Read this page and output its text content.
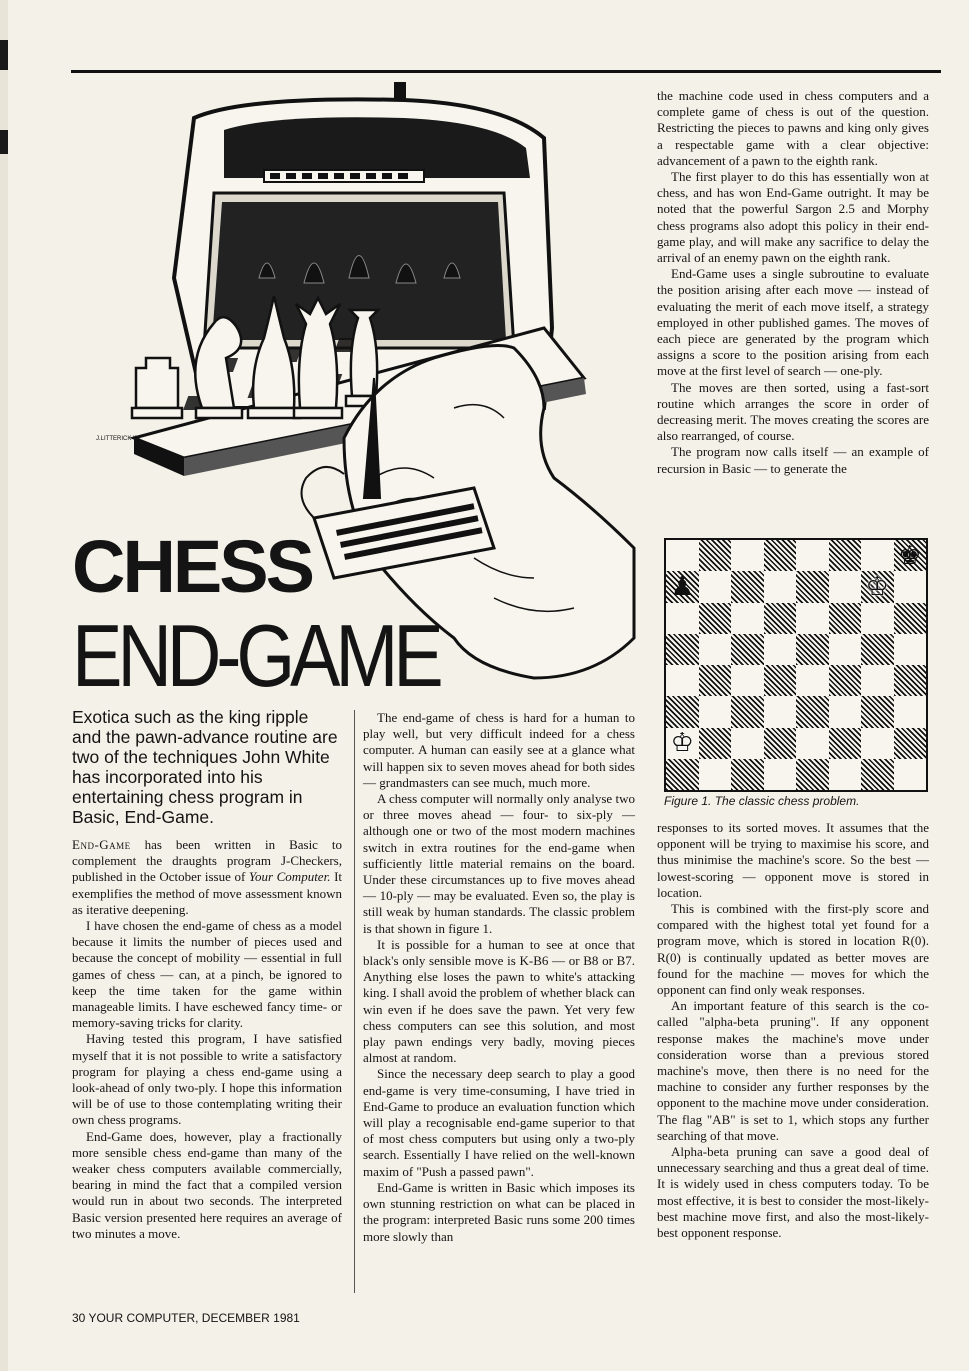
J.LITTERICK '81
CHESS
END-GAME

Exotica such as the king ripple and the pawn-advance routine are two of the techniques John White has incorporated into his entertaining chess program in Basic, End-Game.

End-Game has been written in Basic to complement the draughts program J-Checkers, published in the October issue of Your Computer. It exemplifies the method of move assessment known as iterative deepening.

I have chosen the end-game of chess as a model because it limits the number of pieces used and because the concept of mobility — essential in full games of chess — can, at a pinch, be ignored to keep the time taken for the game within manageable limits. I have eschewed fancy time- or memory-saving tricks for clarity.

Having tested this program, I have satisfied myself that it is not possible to write a satisfactory program for playing a chess end-game using a look-ahead of only two-ply. I hope this information will be of use to those contemplating writing their own chess programs.

End-Game does, however, play a fractionally more sensible chess end-game than many of the weaker chess computers available commercially, bearing in mind the fact that a compiled version would run in about two seconds. The interpreted Basic version presented here requires an average of two minutes a move.

The end-game of chess is hard for a human to play well, but very difficult indeed for a chess computer. A human can easily see at a glance what will happen six to seven moves ahead for both sides — grandmasters can see much, much more.

A chess computer will normally only analyse two or three moves ahead — four- to six-ply — although one or two of the most modern machines switch in extra routines for the end-game when sufficiently little material remains on the board. Under these circumstances up to five moves ahead — 10-ply — may be evaluated. Even so, the play is still weak by human standards. The classic problem is that shown in figure 1.

It is possible for a human to see at once that black's only sensible move is K-B6 — or B8 or B7. Anything else loses the pawn to white's attacking king. I shall avoid the problem of whether black can win even if he does save the pawn. Yet very few chess computers can see this solution, and most play pawn endings very badly, moving pieces almost at random.

Since the necessary deep search to play a good end-game is very time-consuming, I have tried in End-Game to produce an evaluation function which will play a recognisable end-game superior to that of most chess computers but using only a two-ply search. Essentially I have relied on the well-known maxim of "Push a passed pawn".

End-Game is written in Basic which imposes its own stunning restriction on what can be placed in the program: interpreted Basic runs some 200 times more slowly than

the machine code used in chess computers and a complete game of chess is out of the question. Restricting the pieces to pawns and king only gives a respectable game with a clear objective: advancement of a pawn to the eighth rank.

The first player to do this has essentially won at chess, and has won End-Game outright. It may be noted that the powerful Sargon 2.5 and Morphy chess programs also adopt this policy in their end-game play, and will make any sacrifice to delay the arrival of an enemy pawn on the eighth rank.

End-Game uses a single subroutine to evaluate the position arising after each move — instead of evaluating the merit of each move itself, a strategy employed in other published games. The moves of each piece are generated by the program which assigns a score to the position arising from each move at the first level of search — one-ply.

The moves are then sorted, using a fast-sort routine which arranges the score in order of decreasing merit. The moves creating the scores are also rearranged, of course.

The program now calls itself — an example of recursion in Basic — to generate the

♚
♟	♔
♔

Figure 1. The classic chess problem.

responses to its sorted moves. It assumes that the opponent will be trying to maximise his score, and thus minimise the machine's score. So the best — lowest-scoring — opponent move is stored in location.

This is combined with the first-ply score and compared with the highest total yet found for a program move, which is stored in location R(0). R(0) is continually updated as better moves are found for the machine — moves for which the opponent can find only weak responses.

An important feature of this search is the co-called "alpha-beta pruning". If any opponent response makes the machine's move under consideration worse than a previous stored machine's move, then there is no need for the machine to consider any further responses by the opponent to the machine move under consideration. The flag "AB" is set to 1, which stops any further searching of that move.

Alpha-beta pruning can save a good deal of unnecessary searching and thus a great deal of time. It is widely used in chess computers today. To be most effective, it is best to consider the most-likely-best machine move first, and also the most-likely-best opponent response.

30 YOUR COMPUTER, DECEMBER 1981
